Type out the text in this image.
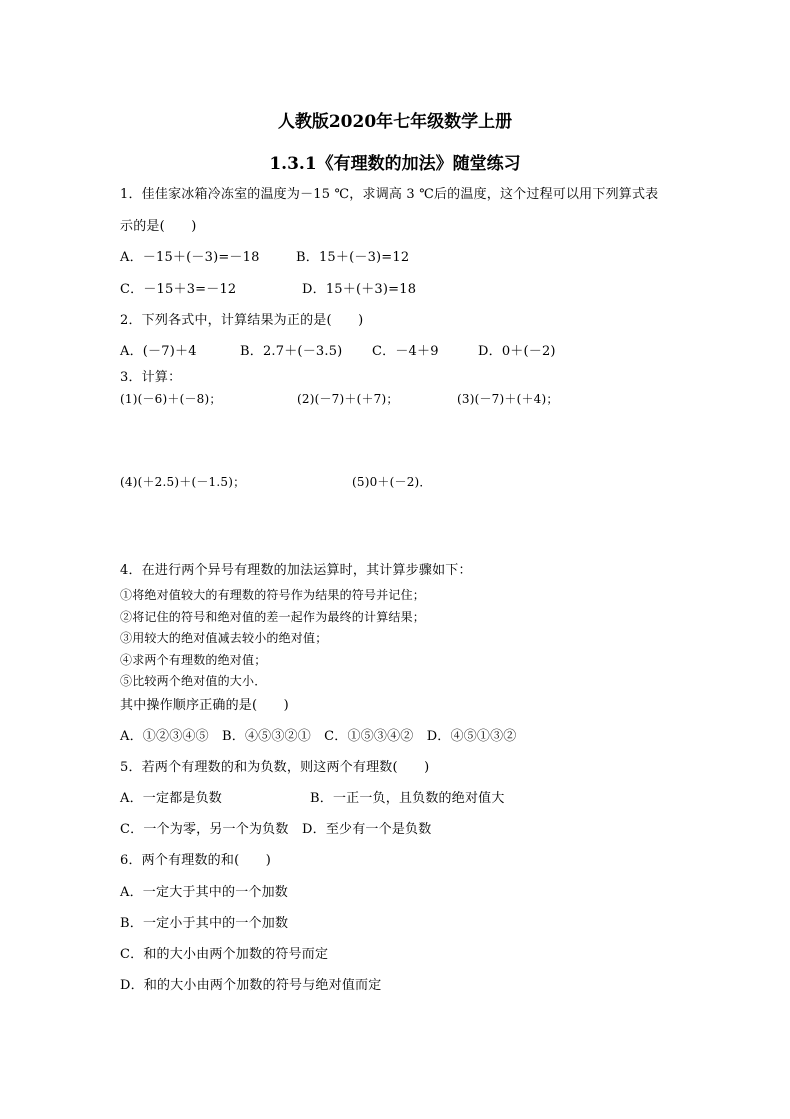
人教版2020年七年级数学上册
1.3.1《有理数的加法》随堂练习
1．佳佳家冰箱冷冻室的温度为－15 ℃，求调高 3 ℃后的温度，这个过程可以用下列算式表
示的是(　　)
A．－15＋(－3)=－18	B．15＋(－3)=12
C．－15＋3=－12	D．15＋(＋3)=18
2．下列各式中，计算结果为正的是(　　)
A．(－7)＋4	B．2.7＋(－3.5) C．－4＋9	D．0＋(－2)
3．计算：
(1)(－6)＋(－8)；	(2)(－7)＋(＋7)；	(3)(－7)＋(＋4)；
(4)(＋2.5)＋(－1.5)；	(5)0＋(－2)．
4．在进行两个异号有理数的加法运算时，其计算步骤如下：
①将绝对值较大的有理数的符号作为结果的符号并记住；
②将记住的符号和绝对值的差一起作为最终的计算结果；
③用较大的绝对值减去较小的绝对值；
④求两个有理数的绝对值；
⑤比较两个绝对值的大小．
其中操作顺序正确的是(　　)
A．①②③④⑤　B．④⑤③②①　C．①⑤③④②　D．④⑤①③②
5．若两个有理数的和为负数，则这两个有理数(　　)
A．一定都是负数	B．一正一负，且负数的绝对值大
C．一个为零，另一个为负数 D．至少有一个是负数
6．两个有理数的和(　　)
A．一定大于其中的一个加数
B．一定小于其中的一个加数
C．和的大小由两个加数的符号而定
D．和的大小由两个加数的符号与绝对值而定
